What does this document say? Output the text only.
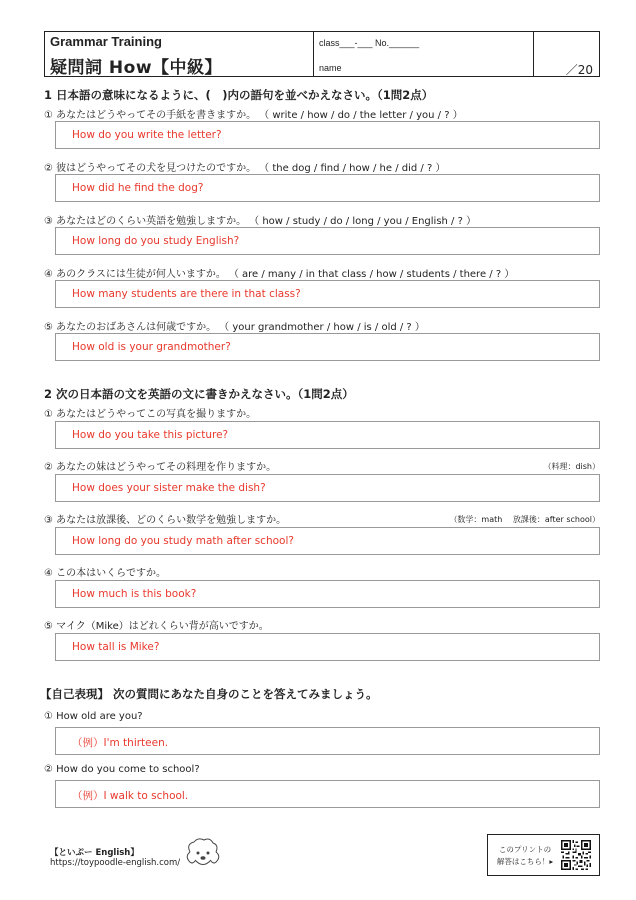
Grammar Training
疑問詞 How【中級】
class___-___ No.______
name	／20
1 日本語の意味になるように、(　)内の語句を並べかえなさい。（1問2点）
① あなたはどうやってその手紙を書きますか。 （ write / how / do / the letter / you / ? ）
How do you write the letter?
② 彼はどうやってその犬を見つけたのですか。 （ the dog / find / how / he / did / ? ）
How did he find the dog?
③ あなたはどのくらい英語を勉強しますか。 （ how / study / do / long / you / English / ? ）
How long do you study English?
④ あのクラスには生徒が何人いますか。 （ are / many / in that class / how / students / there / ? ）
How many students are there in that class?
⑤ あなたのおばあさんは何歳ですか。 （ your grandmother / how / is / old / ? ）
How old is your grandmother?
2 次の日本語の文を英語の文に書きかえなさい。（1問2点）
① あなたはどうやってこの写真を撮りますか。
How do you take this picture?
② あなたの妹はどうやってその料理を作りますか。	（料理：dish）
How does your sister make the dish?
③ あなたは放課後、どのくらい数学を勉強しますか。	（数学：math　 放課後：after school）
How long do you study math after school?
④ この本はいくらですか。
How much is this book?
⑤ マイク（Mike）はどれくらい背が高いですか。
How tall is Mike?
【自己表現】 次の質問にあなた自身のことを答えてみましょう。
① How old are you?
（例）I'm thirteen.
② How do you come to school?
（例）I walk to school.
【といぷー English】
https://toypoodle-english.com/
このプリントの
解答はこちら！▸
